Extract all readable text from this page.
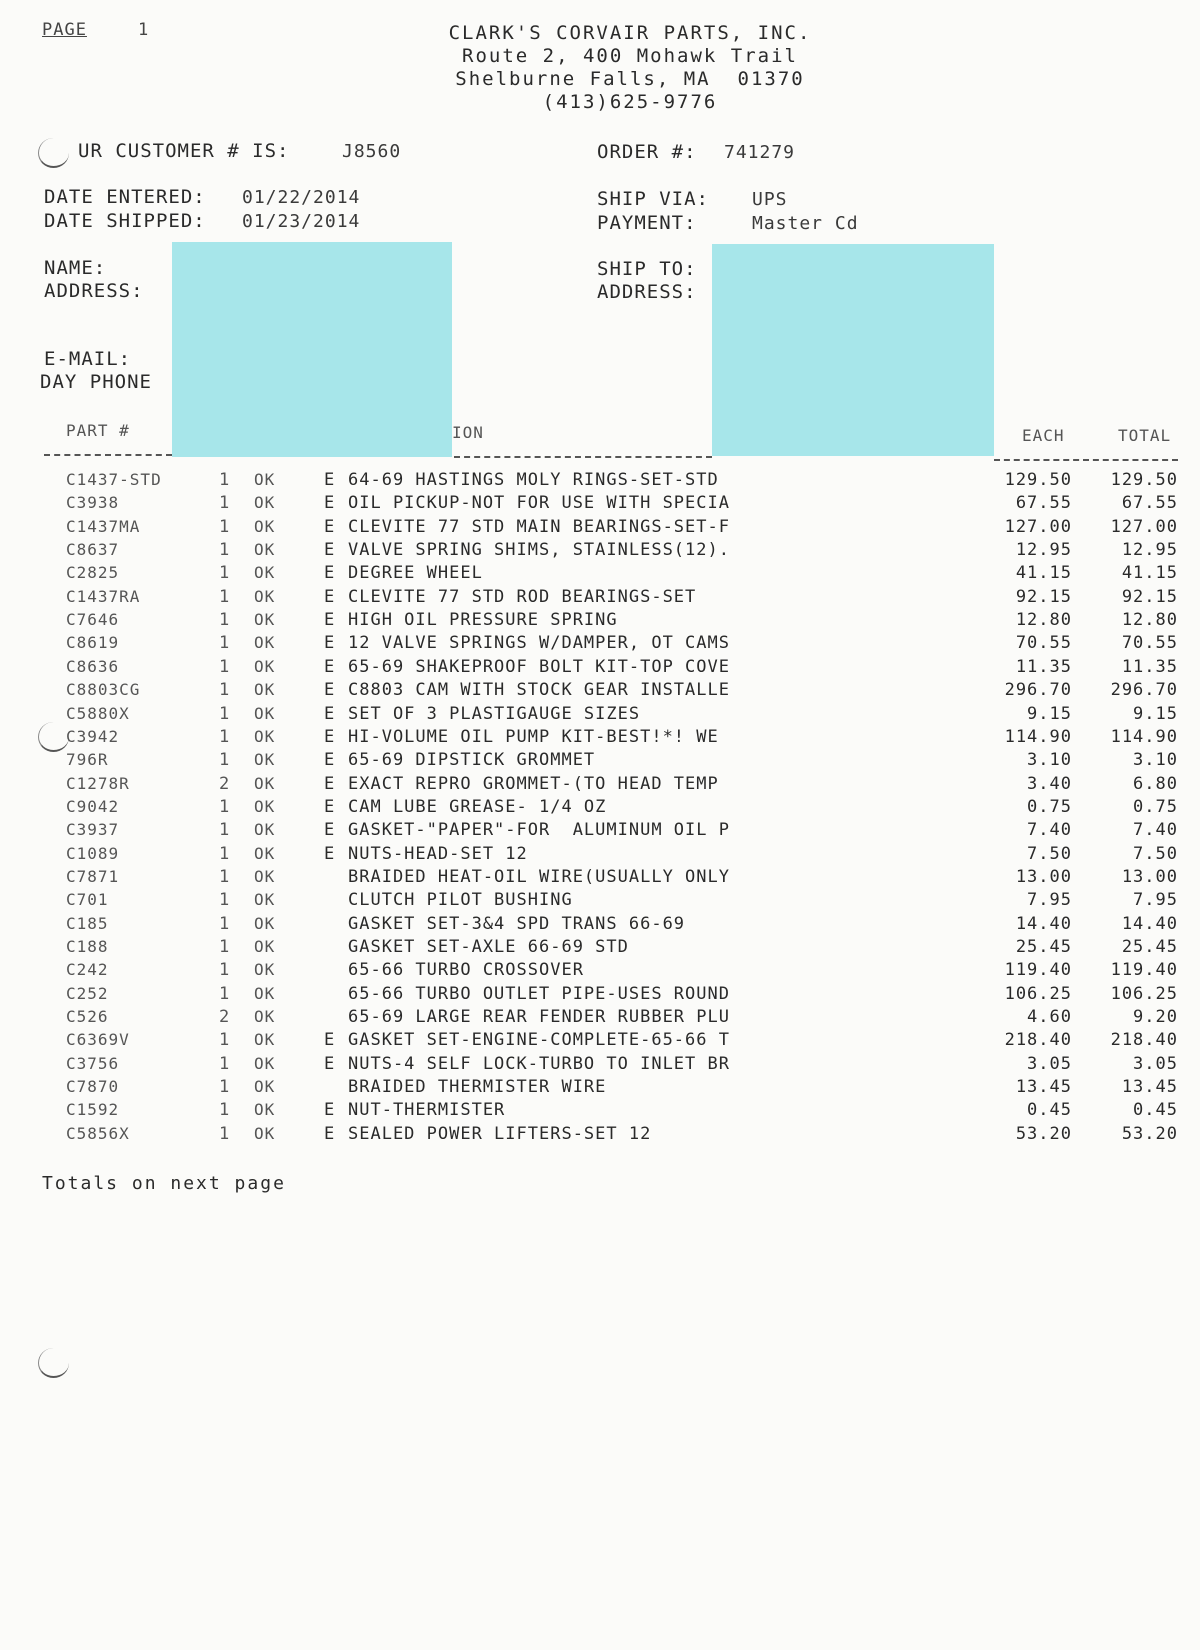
PAGE	1	CLARK'S CORVAIR PARTS, INC.
Route 2, 400 Mohawk Trail
Shelburne Falls, MA  01370
(413)625-9776
UR CUSTOMER # IS:	J8560	ORDER #: 741279
DATE ENTERED: 01/22/2014
DATE SHIPPED: 01/23/2014
SHIP VIA: UPS
PAYMENT:	Master Cd
NAME:
ADDRESS:
SHIP TO:
ADDRESS:
E-MAIL:
DAY PHONE
PART #	ION	EACH	TOTAL
C1437-STD	1 OK	E 64-69 HASTINGS MOLY RINGS-SET-STD	129.50	129.50
C3938	1 OK	E OIL PICKUP-NOT FOR USE WITH SPECIA	67.55	67.55
C1437MA	1 OK	E CLEVITE 77 STD MAIN BEARINGS-SET-F	127.00	127.00
C8637	1 OK	E VALVE SPRING SHIMS, STAINLESS(12).	12.95	12.95
C2825	1 OK	E DEGREE WHEEL	41.15	41.15
C1437RA	1 OK	E CLEVITE 77 STD ROD BEARINGS-SET	92.15	92.15
C7646	1 OK	E HIGH OIL PRESSURE SPRING	12.80	12.80
C8619	1 OK	E 12 VALVE SPRINGS W/DAMPER, OT CAMS	70.55	70.55
C8636	1 OK	E 65-69 SHAKEPROOF BOLT KIT-TOP COVE	11.35	11.35
C8803CG	1 OK	E C8803 CAM WITH STOCK GEAR INSTALLE	296.70	296.70
C5880X	1 OK	E SET OF 3 PLASTIGAUGE SIZES	9.15	9.15
C3942	1 OK	E HI-VOLUME OIL PUMP KIT-BEST!*! WE	114.90	114.90
796R	1 OK	E 65-69 DIPSTICK GROMMET	3.10	3.10
C1278R	2 OK	E EXACT REPRO GROMMET-(TO HEAD TEMP	3.40	6.80
C9042	1 OK	E CAM LUBE GREASE- 1/4 OZ	0.75	0.75
C3937	1 OK	E GASKET-"PAPER"-FOR  ALUMINUM OIL P	7.40	7.40
C1089	1 OK	E NUTS-HEAD-SET 12	7.50	7.50
C7871	1 OK	BRAIDED HEAT-OIL WIRE(USUALLY ONLY	13.00	13.00
C701	1 OK	CLUTCH PILOT BUSHING	7.95	7.95
C185	1 OK	GASKET SET-3&4 SPD TRANS 66-69	14.40	14.40
C188	1 OK	GASKET SET-AXLE 66-69 STD	25.45	25.45
C242	1 OK	65-66 TURBO CROSSOVER	119.40	119.40
C252	1 OK	65-66 TURBO OUTLET PIPE-USES ROUND	106.25	106.25
C526	2 OK	65-69 LARGE REAR FENDER RUBBER PLU	4.60	9.20
C6369V	1 OK	E GASKET SET-ENGINE-COMPLETE-65-66 T	218.40	218.40
C3756	1 OK	E NUTS-4 SELF LOCK-TURBO TO INLET BR	3.05	3.05
C7870	1 OK	BRAIDED THERMISTER WIRE	13.45	13.45
C1592	1 OK	E NUT-THERMISTER	0.45	0.45
C5856X	1 OK	E SEALED POWER LIFTERS-SET 12	53.20	53.20
Totals on next page
